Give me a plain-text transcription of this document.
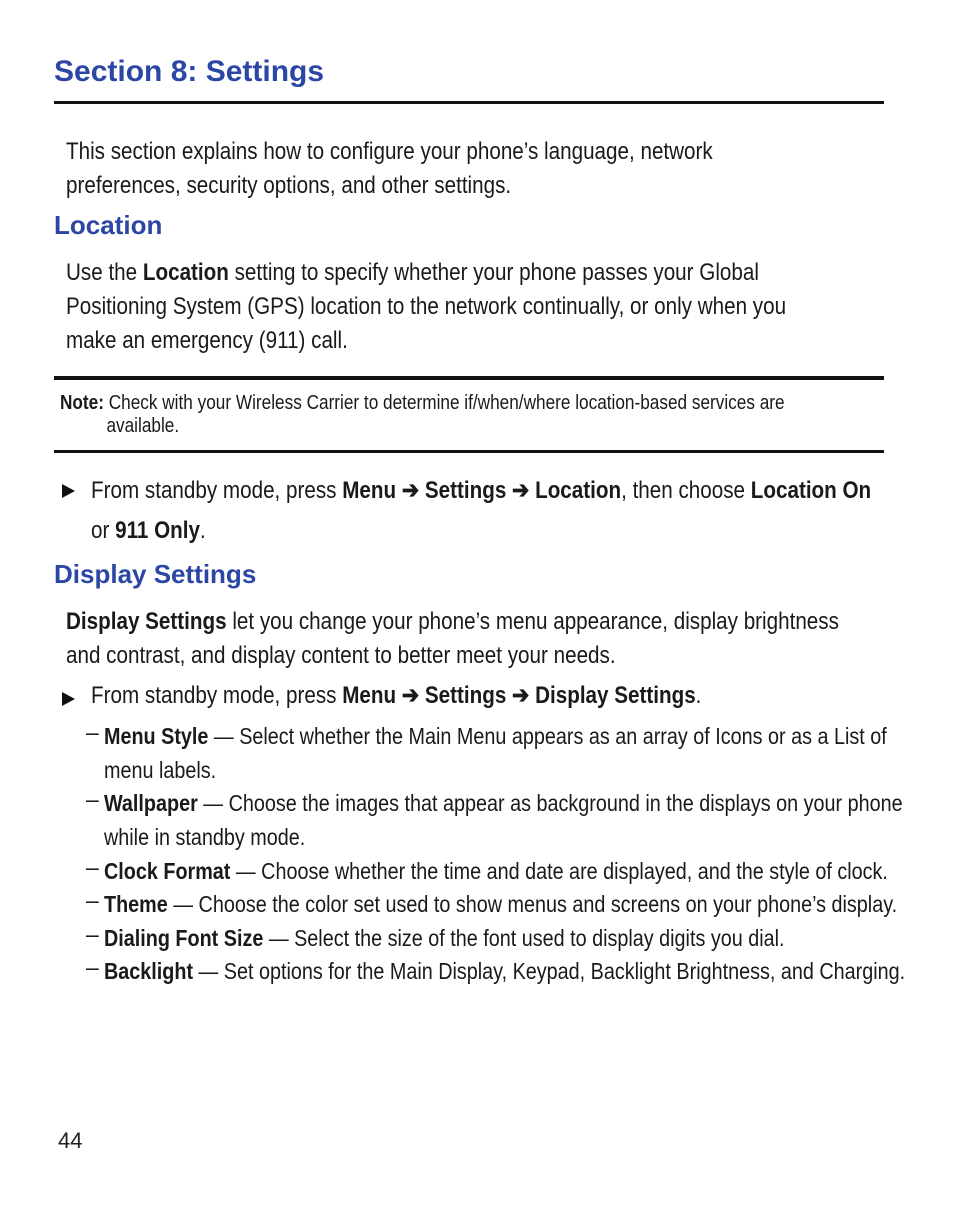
Section 8: Settings
This section explains how to configure your phone’s language, network
preferences, security options, and other settings.
Location
Use the Location setting to specify whether your phone passes your Global
Positioning System (GPS) location to the network continually, or only when you
make an emergency (911) call.
Note: Check with your Wireless Carrier to determine if/when/where location-based services are
available.
From standby mode, press Menu ➔ Settings ➔ Location, then choose Location On
or 911 Only.
Display Settings
Display Settings let you change your phone’s menu appearance, display brightness
and contrast, and display content to better meet your needs.
From standby mode, press Menu ➔ Settings ➔ Display Settings.
– Menu Style — Select whether the Main Menu appears as an array of Icons or as a List of
menu labels.
– Wallpaper — Choose the images that appear as background in the displays on your phone
while in standby mode.
– Clock Format — Choose whether the time and date are displayed, and the style of clock.
– Theme — Choose the color set used to show menus and screens on your phone’s display.
– Dialing Font Size — Select the size of the font used to display digits you dial.
– Backlight — Set options for the Main Display, Keypad, Backlight Brightness, and Charging.
44
